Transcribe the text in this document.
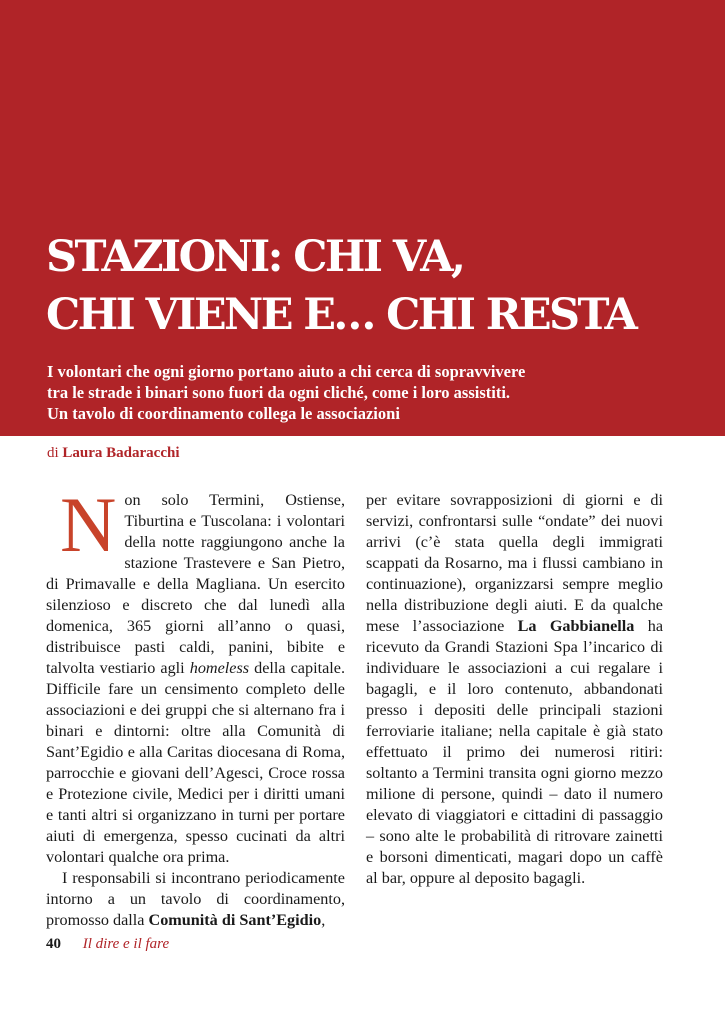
STAZIONI: CHI VA,
CHI VIENE E… CHI RESTA
I volontari che ogni giorno portano aiuto a chi cerca di sopravvivere
tra le strade i binari sono fuori da ogni cliché, come i loro assistiti.
Un tavolo di coordinamento collega le associazioni
di Laura Badaracchi

Non solo Termini, Ostiense, Tiburtina e Tuscolana: i volontari della notte raggiungono anche la stazione Trastevere e San Pietro, di Primavalle e della Magliana. Un esercito silenzioso e discreto che dal lunedì alla domenica, 365 giorni all’anno o quasi, distribuisce pasti caldi, panini, bibite e talvolta vestiario agli homeless della capitale. Difficile fare un censimento completo delle associazioni e dei gruppi che si alternano fra i binari e dintorni: oltre alla Comunità di Sant’Egidio e alla Caritas diocesana di Roma, parrocchie e giovani dell’Agesci, Croce rossa e Protezione civile, Medici per i diritti umani e tanti altri si organizzano in turni per portare aiuti di emergenza, spesso cucinati da altri volontari qualche ora prima.

I responsabili si incontrano periodicamente intorno a un tavolo di coordinamento, promosso dalla Comunità di Sant’Egidio,

per evitare sovrapposizioni di giorni e di servizi, confrontarsi sulle “ondate” dei nuovi arrivi (c’è stata quella degli immigrati scappati da Rosarno, ma i flussi cambiano in continuazione), organizzarsi sempre meglio nella distribuzione degli aiuti. E da qualche mese l’associazione La Gabbianella ha ricevuto da Grandi Stazioni Spa l’incarico di individuare le associazioni a cui regalare i bagagli, e il loro contenuto, abbandonati presso i depositi delle principali stazioni ferroviarie italiane; nella capitale è già stato effettuato il primo dei numerosi ritiri: soltanto a Termini transita ogni giorno mezzo milione di persone, quindi – dato il numero elevato di viaggiatori e cittadini di passaggio – sono alte le probabilità di ritrovare zainetti e borsoni dimenticati, magari dopo un caffè al bar, oppure al deposito bagagli.

40 Il dire e il fare
